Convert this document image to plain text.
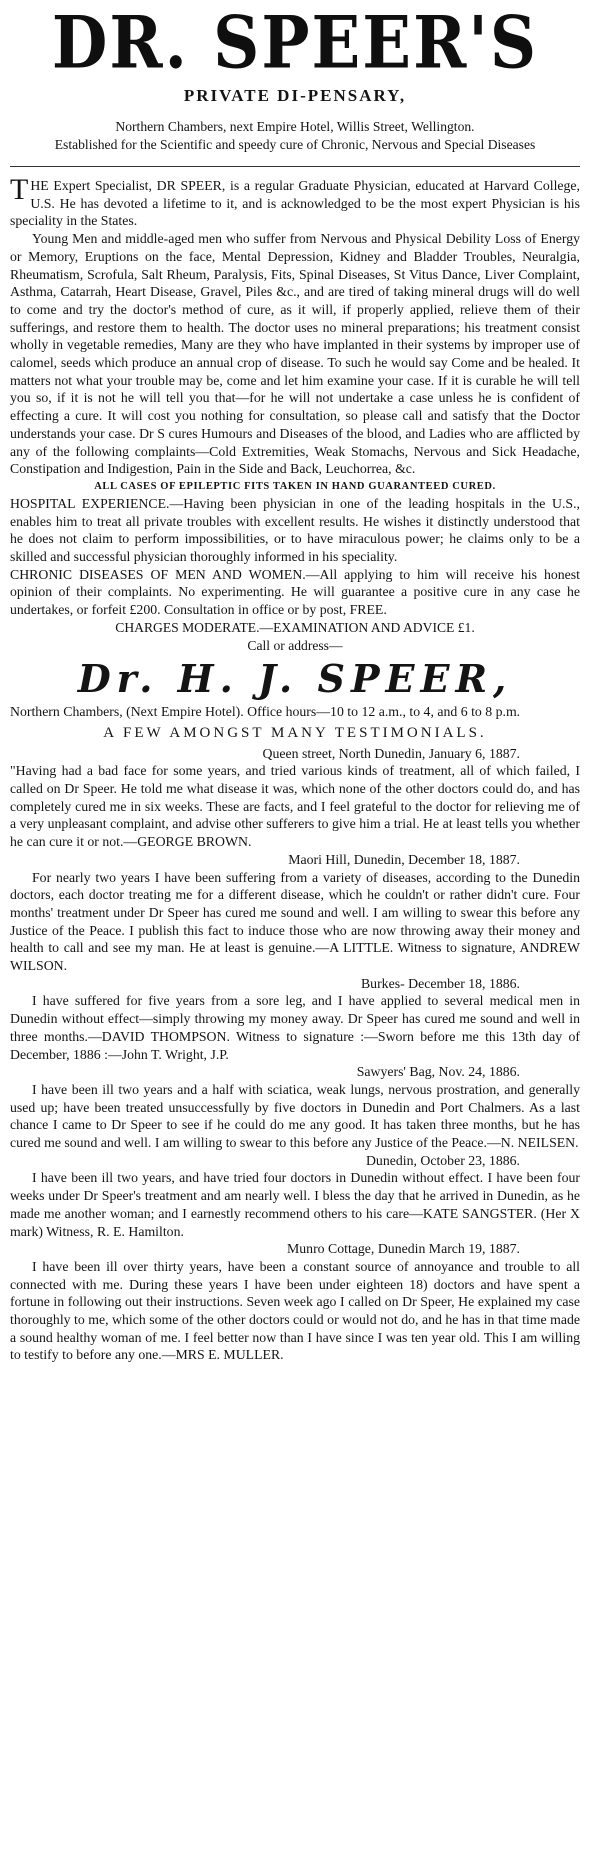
DR. SPEER'S
PRIVATE DI-PENSARY,
Northern Chambers, next Empire Hotel, Willis Street, Wellington.
Established for the Scientific and speedy cure of Chronic, Nervous and Special Diseases

THE Expert Specialist, DR SPEER, is a regular Graduate Physician, educated at Harvard College, U.S. He has devoted a lifetime to it, and is acknowledged to be the most expert Physician is his speciality in the States.

Young Men and middle-aged men who suffer from Nervous and Physical Debility Loss of Energy or Memory, Eruptions on the face, Mental Depression, Kidney and Bladder Troubles, Neuralgia, Rheumatism, Scrofula, Salt Rheum, Paralysis, Fits, Spinal Diseases, St Vitus Dance, Liver Complaint, Asthma, Catarrah, Heart Disease, Gravel, Piles &c., and are tired of taking mineral drugs will do well to come and try the doctor's method of cure, as it will, if properly applied, relieve them of their sufferings, and restore them to health. The doctor uses no mineral preparations; his treatment consist wholly in vegetable remedies, Many are they who have implanted in their systems by improper use of calomel, seeds which produce an annual crop of disease. To such he would say Come and be healed. It matters not what your trouble may be, come and let him examine your case. If it is curable he will tell you so, if it is not he will tell you that—for he will not undertake a case unless he is confident of effecting a cure. It will cost you nothing for consultation, so please call and satisfy that the Doctor understands your case. Dr S cures Humours and Diseases of the blood, and Ladies who are afflicted by any of the following complaints—Cold Extremities, Weak Stomachs, Nervous and Sick Headache, Constipation and Indigestion, Pain in the Side and Back, Leuchorrea, &c.

ALL CASES OF EPILEPTIC FITS TAKEN IN HAND GUARANTEED CURED.

HOSPITAL EXPERIENCE.—Having been physician in one of the leading hospitals in the U.S., enables him to treat all private troubles with excellent results. He wishes it distinctly understood that he does not claim to perform impossibilities, or to have miraculous power; he claims only to be a skilled and successful physician thoroughly informed in his speciality.

CHRONIC DISEASES OF MEN AND WOMEN.—All applying to him will receive his honest opinion of their complaints. No experimenting. He will guarantee a positive cure in any case he undertakes, or forfeit £200. Consultation in office or by post, FREE.

CHARGES MODERATE.—EXAMINATION AND ADVICE £1.
Call or address—
Dr. H. J. SPEER,

Northern Chambers, (Next Empire Hotel). Office hours—10 to 12 a.m., to 4, and 6 to 8 p.m.

A FEW AMONGST MANY TESTIMONIALS.
Queen street, North Dunedin, January 6, 1887.

"Having had a bad face for some years, and tried various kinds of treatment, all of which failed, I called on Dr Speer. He told me what disease it was, which none of the other doctors could do, and has completely cured me in six weeks. These are facts, and I feel grateful to the doctor for relieving me of a very unpleasant complaint, and advise other sufferers to give him a trial. He at least tells you whether he can cure it or not.—GEORGE BROWN.

Maori Hill, Dunedin, December 18, 1887.

For nearly two years I have been suffering from a variety of diseases, according to the Dunedin doctors, each doctor treating me for a different disease, which he couldn't or rather didn't cure. Four months' treatment under Dr Speer has cured me sound and well. I am willing to swear this before any Justice of the Peace. I publish this fact to induce those who are now throwing away their money and health to call and see my man. He at least is genuine.—A LITTLE. Witness to signature, ANDREW WILSON.

Burkes- December 18, 1886.

I have suffered for five years from a sore leg, and I have applied to several medical men in Dunedin without effect—simply throwing my money away. Dr Speer has cured me sound and well in three months.—DAVID THOMPSON. Witness to signature :—Sworn before me this 13th day of December, 1886 :—John T. Wright, J.P.

Sawyers' Bag, Nov. 24, 1886.

I have been ill two years and a half with sciatica, weak lungs, nervous prostration, and generally used up; have been treated unsuccessfully by five doctors in Dunedin and Port Chalmers. As a last chance I came to Dr Speer to see if he could do me any good. It has taken three months, but he has cured me sound and well. I am willing to swear to this before any Justice of the Peace.—N. NEILSEN.

Dunedin, October 23, 1886.

I have been ill two years, and have tried four doctors in Dunedin without effect. I have been four weeks under Dr Speer's treatment and am nearly well. I bless the day that he arrived in Dunedin, as he made me another woman; and I earnestly recommend others to his care—KATE SANGSTER. (Her X mark) Witness, R. E. Hamilton.

Munro Cottage, Dunedin March 19, 1887.

I have been ill over thirty years, have been a constant source of annoyance and trouble to all connected with me. During these years I have been under eighteen 18) doctors and have spent a fortune in following out their instructions. Seven week ago I called on Dr Speer, He explained my case thoroughly to me, which some of the other doctors could or would not do, and he has in that time made a sound healthy woman of me. I feel better now than I have since I was ten year old. This I am willing to testify to before any one.—MRS E. MULLER.
